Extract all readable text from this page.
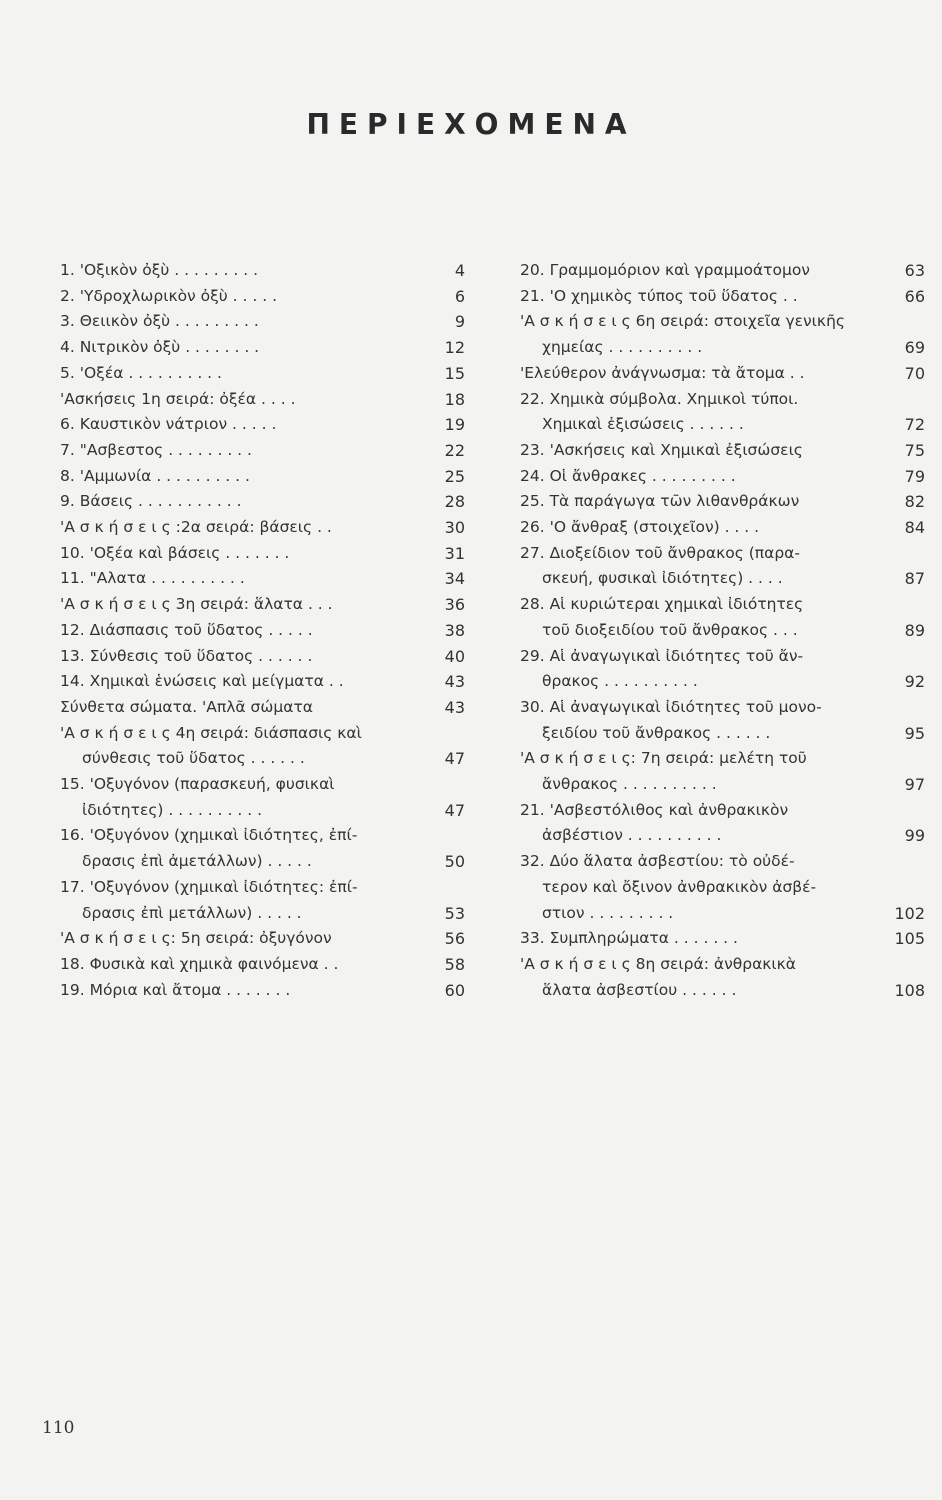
ΠΕΡΙΕΧΟΜΕΝΑ
1. 'Οξικὸν ὀξὺ . . . . . . . . .	4
2. 'Υδροχλωρικὸν ὀξὺ . . . . .	6
3. Θειικὸν ὀξὺ . . . . . . . . .	9
4. Νιτρικὸν ὀξὺ . . . . . . . .	12
5. 'Οξέα . . . . . . . . . .	15
'Ασκήσεις 1η σειρά: ὀξέα . . . .	18
6. Καυστικὸν νάτριον . . . . .	19
7. "Ασβεστος . . . . . . . . .	22
8. 'Αμμωνία . . . . . . . . . .	25
9. Βάσεις . . . . . . . . . . .	28
'Α σ κ ή σ ε ι ς :2α σειρά: βάσεις . .	30
10. 'Οξέα καὶ βάσεις . . . . . . .	31
11. "Αλατα . . . . . . . . . .	34
'Α σ κ ή σ ε ι ς 3η σειρά: ἅλατα . . .	36
12. Διάσπασις τοῦ ὕδατος . . . . .	38
13. Σύνθεσις τοῦ ὕδατος . . . . . .	40
14. Χημικαὶ ἑνώσεις καὶ μείγματα . .	43
Σύνθετα σώματα. 'Απλᾶ σώματα	43
'Α σ κ ή σ ε ι ς 4η σειρά: διάσπασις καὶ
σύνθεσις τοῦ ὕδατος . . . . . .	47
15. 'Οξυγόνον (παρασκευή, φυσικαὶ
ἰδιότητες) . . . . . . . . . .	47
16. 'Οξυγόνον (χημικαὶ ἰδιότητες, ἐπί-
δρασις ἐπὶ ἀμετάλλων) . . . . .	50
17. 'Οξυγόνον (χημικαὶ ἰδιότητες: ἐπί-
δρασις ἐπὶ μετάλλων) . . . . .	53
'Α σ κ ή σ ε ι ς: 5η σειρά: ὀξυγόνον	56
18. Φυσικὰ καὶ χημικὰ φαινόμενα . .	58
19. Μόρια καὶ ἄτομα . . . . . . .	60
20. Γραμμομόριον καὶ γραμμοάτομον	63
21. 'Ο χημικὸς τύπος τοῦ ὕδατος . .	66
'Α σ κ ή σ ε ι ς 6η σειρά: στοιχεῖα γενικῆς
χημείας . . . . . . . . . .	69
'Ελεύθερον ἀνάγνωσμα: τὰ ἄτομα . .	70
22. Χημικὰ σύμβολα. Χημικοὶ τύποι.
Χημικαὶ ἐξισώσεις . . . . . .	72
23. 'Ασκήσεις καὶ Χημικαὶ ἐξισώσεις	75
24. Οἱ ἄνθρακες . . . . . . . . .	79
25. Τὰ παράγωγα τῶν λιθανθράκων	82
26. 'Ο ἄνθραξ (στοιχεῖον) . . . .	84
27. Διοξείδιον τοῦ ἄνθρακος (παρα-
σκευή, φυσικαὶ ἰδιότητες) . . . .	87
28. Αἱ κυριώτεραι χημικαὶ ἰδιότητες
τοῦ διοξειδίου τοῦ ἄνθρακος . . .	89
29. Αἱ ἀναγωγικαὶ ἰδιότητες τοῦ ἄν-
θρακος . . . . . . . . . .	92
30. Αἱ ἀναγωγικαὶ ἰδιότητες τοῦ μονο-
ξειδίου τοῦ ἄνθρακος . . . . . .	95
'Α σ κ ή σ ε ι ς: 7η σειρά: μελέτη τοῦ
ἄνθρακος . . . . . . . . . .	97
21. 'Ασβεστόλιθος καὶ ἀνθρακικὸν
ἀσβέστιον . . . . . . . . . .	99
32. Δύο ἅλατα ἀσβεστίου: τὸ οὐδέ-
τερον καὶ ὄξινον ἀνθρακικὸν ἀσβέ-
στιον . . . . . . . . .	102
33. Συμπληρώματα . . . . . . .	105
'Α σ κ ή σ ε ι ς 8η σειρά: ἀνθρακικὰ
ἅλατα ἀσβεστίου . . . . . .	108
110
